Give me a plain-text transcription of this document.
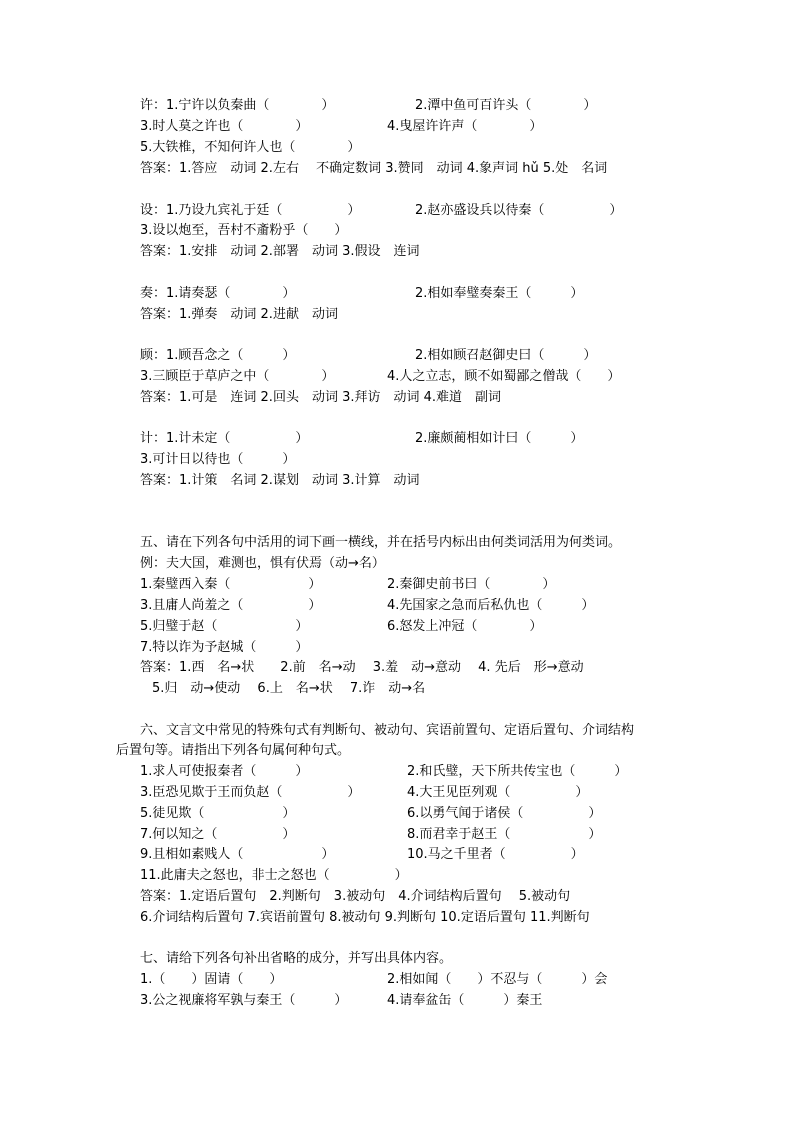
许：1.宁许以负秦曲（　　　　）	2.潭中鱼可百许头（　　　　）
3.时人莫之许也（　　　　）	4.曳屋许许声（　　　　）
5.大铁椎，不知何许人也（　　　　）
答案：1.答应　动词 2.左右　 不确定数词 3.赞同　动词 4.象声词 hǔ 5.处　名词
设：1.乃设九宾礼于廷（　　　　　）	2.赵亦盛设兵以待秦（　　　　　）
3.设以炮至，吾村不齑粉乎（　　）
答案：1.安排　动词 2.部署　动词 3.假设　连词
奏：1.请奏瑟（　　　　）	2.相如奉璧奏秦王（　　　）
答案：1.弹奏　动词 2.进献　动词
顾：1.顾吾念之（　　　）	2.相如顾召赵御史曰（　　　）
3.三顾臣于草庐之中（　　　　）	4.人之立志，顾不如蜀鄙之僧哉（　　）
答案：1.可是　连词 2.回头　动词 3.拜访　动词 4.难道　副词
计：1.计未定（　　　　　）	2.廉颇蔺相如计曰（　　　）
3.可计日以待也（　　　）
答案：1.计策　名词 2.谋划　动词 3.计算　动词
五、请在下列各句中活用的词下画一横线，并在括号内标出由何类词活用为何类词。
例：夫大国，难测也，惧有伏焉（动→名）
1.秦璧西入秦（　　　　　　）	2.秦御史前书曰（　　　　）
3.且庸人尚羞之（　　　　　）	4.先国家之急而后私仇也（　　　）
5.归璧于赵（　　　　　　）	6.怒发上冲冠（　　　　）
7.特以诈为予赵城（　　　）
答案：1.西　名→状　　2.前　名→动　 3.羞　动→意动　 4. 先后　形→意动
5.归　动→使动　 6.上　名→状　 7.诈　动→名
六、文言文中常见的特殊句式有判断句、被动句、宾语前置句、定语后置句、介词结构
后置句等。请指出下列各句属何种句式。
1.求人可使报秦者（　　　）	2.和氏璧，天下所共传宝也（　　　）
3.臣恐见欺于王而负赵（　　　　　）	4.大王见臣列观（　　　　　）
5.徒见欺（　　　　　　）	6.以勇气闻于诸侯（　　　　　）
7.何以知之（　　　　　）	8.而君幸于赵王（　　　　　　）
9.且相如素贱人（　　　　　　）	10.马之千里者（　　　　　）
11.此庸夫之怒也，非士之怒也（　　　　　）
答案：1.定语后置句　2.判断句　3.被动句　4.介词结构后置句　 5.被动句
6.介词结构后置句 7.宾语前置句 8.被动句 9.判断句 10.定语后置句 11.判断句
七、请给下列各句补出省略的成分，并写出具体内容。
1.（　　）固请（　　）	2.相如闻（　　）不忍与（　　　）会
3.公之视廉将军孰与秦王（　　　）	4.请奉盆缶（　　　）秦王
